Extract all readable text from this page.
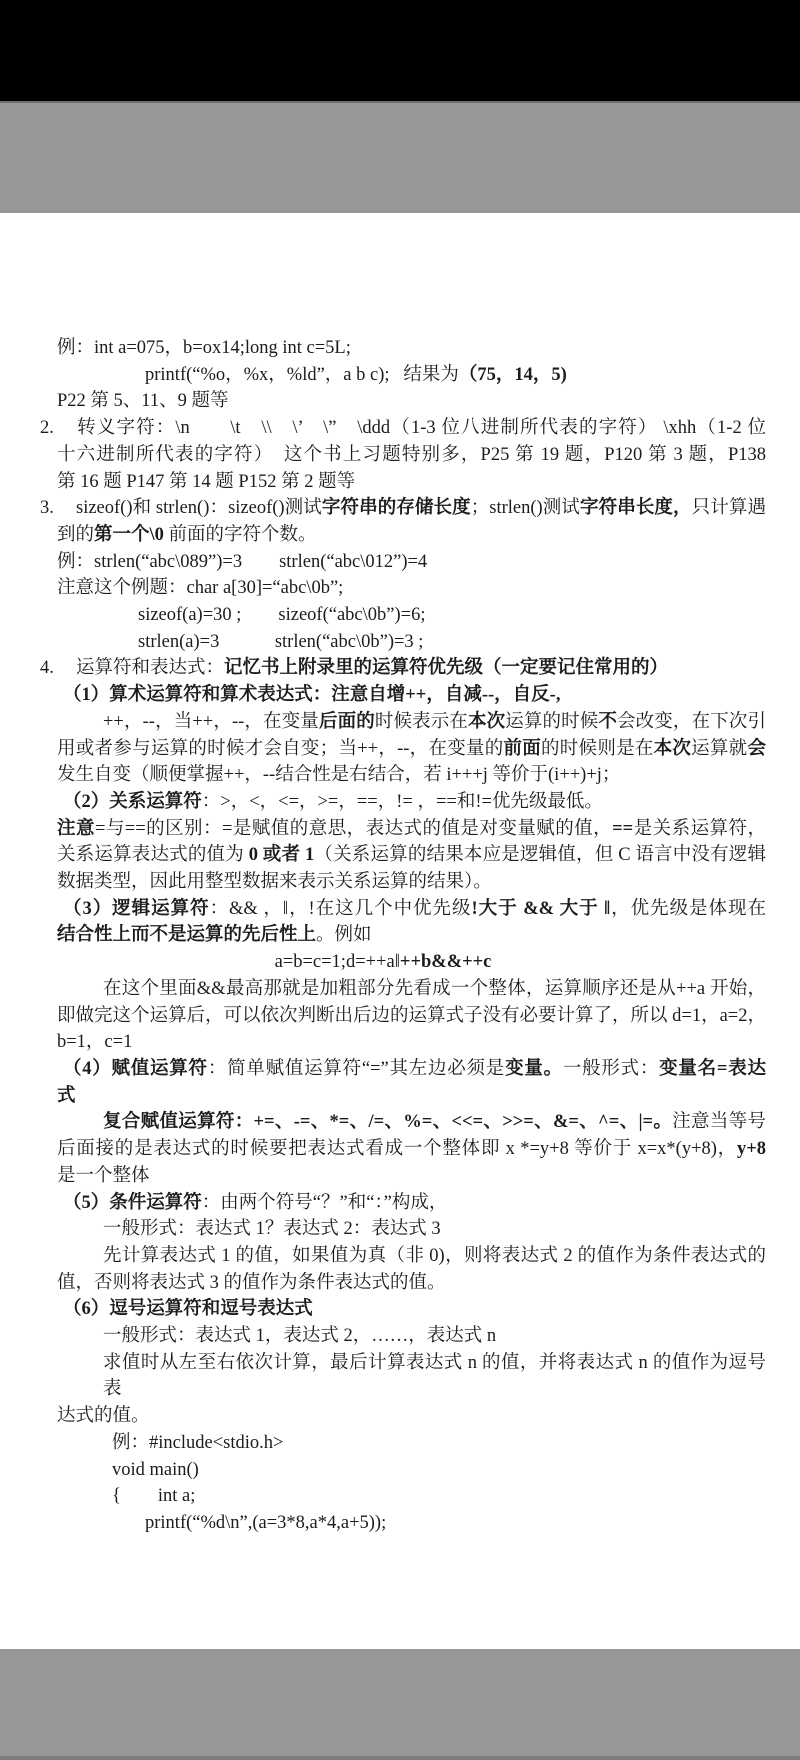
例：int a=075，b=ox14;long int c=5L;
printf(“%o，%x，%ld”，a b c);   结果为（75，14，5)
P22 第 5、11、9 题等
2. 转义字符：\n　　\t　\\　\’　\”　\ddd（1-3 位八进制所代表的字符） \xhh（1-2 位
十六进制所代表的字符）　这个书上习题特别多，P25 第 19 题，P120 第 3 题，P138
第 16 题 P147 第 14 题 P152 第 2 题等
3. sizeof()和 strlen()：sizeof()测试字符串的存储长度；strlen()测试字符串长度，只计算遇
到的第一个\0 前面的字符个数。
例：strlen(“abc\089”)=3　　strlen(“abc\012”)=4
注意这个例题：char a[30]=“abc\0b”;
sizeof(a)=30 ;　　sizeof(“abc\0b”)=6;
strlen(a)=3　　　strlen(“abc\0b”)=3 ;
4. 运算符和表达式：记忆书上附录里的运算符优先级（一定要记住常用的）
（1）算术运算符和算术表达式：注意自增++，自减--，自反-,
++，--，当++，--，在变量后面的时候表示在本次运算的时候不会改变，在下次引
用或者参与运算的时候才会自变；当++，--，在变量的前面的时候则是在本次运算就会
发生自变（顺便掌握++，--结合性是右结合，若 i+++j 等价于(i++)+j；
（2）关系运算符：>，<，<=，>=，==，!= ，==和!=优先级最低。
注意=与==的区别：=是赋值的意思，表达式的值是对变量赋的值，==是关系运算符，
关系运算表达式的值为 0 或者 1（关系运算的结果本应是逻辑值，但 C 语言中没有逻辑
数据类型，因此用整型数据来表示关系运算的结果）。
（3）逻辑运算符：&& ，‖，!在这几个中优先级!大于 && 大于 ‖，优先级是体现在
结合性上而不是运算的先后性上。例如
a=b=c=1;d=++a‖++b&&++c
在这个里面&&最高那就是加粗部分先看成一个整体，运算顺序还是从++a 开始，
即做完这个运算后，可以依次判断出后边的运算式子没有必要计算了，所以 d=1，a=2，
b=1，c=1
（4）赋值运算符：简单赋值运算符“=”其左边必须是变量。一般形式：变量名=表达
式
复合赋值运算符：+=、-=、*=、/=、%=、<<=、>>=、&=、^=、|=。注意当等号
后面接的是表达式的时候要把表达式看成一个整体即 x *=y+8 等价于 x=x*(y+8)，y+8
是一个整体
（5）条件运算符：由两个符号“？”和“：”构成，
一般形式：表达式 1？表达式 2：表达式 3
先计算表达式 1 的值，如果值为真（非 0)，则将表达式 2 的值作为条件表达式的
值，否则将表达式 3 的值作为条件表达式的值。
（6）逗号运算符和逗号表达式
一般形式：表达式 1，表达式 2，……，表达式 n
求值时从左至右依次计算，最后计算表达式 n 的值，并将表达式 n 的值作为逗号表
达式的值。
例：#include<stdio.h>
void main()
{　　int a;
printf(“%d\n”,(a=3*8,a*4,a+5));
